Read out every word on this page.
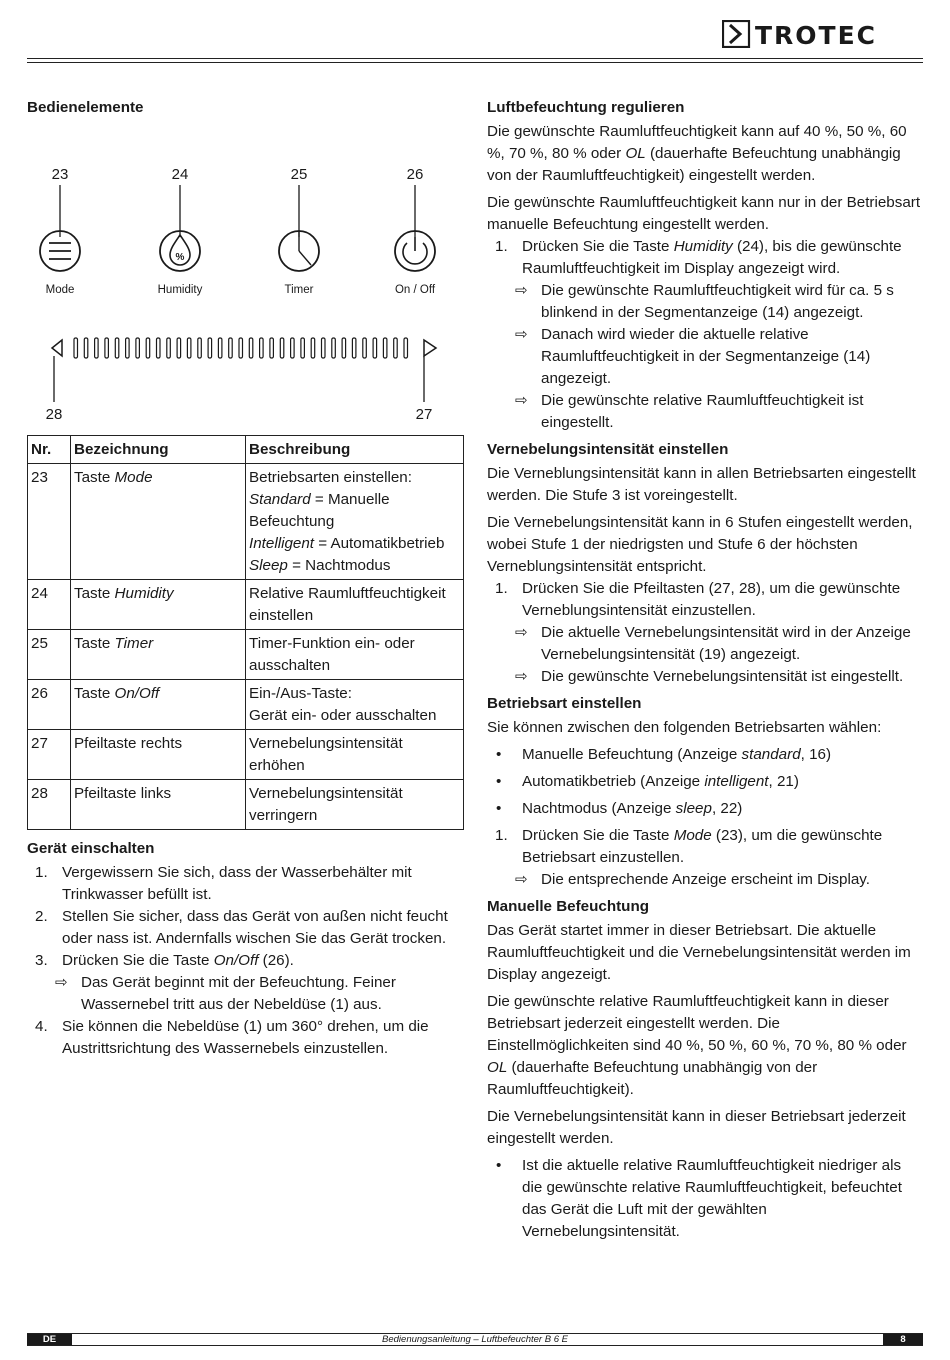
TROTEC
Bedienelemente
23	24	25	26
%
Mode	Humidity	Timer	On / Off
28	27
Nr.	Bezeichnung	Beschreibung
23	Taste Mode	Betriebsarten einstellen:
Standard = Manuelle Befeuchtung
Intelligent = Automatikbetrieb
Sleep = Nachtmodus

24	Taste Humidity	Relative Raumluftfeuchtigkeit einstellen
25	Taste Timer	Timer-Funktion ein- oder ausschalten
26	Taste On/Off	Ein-/Aus-Taste:
Gerät ein- oder ausschalten

27	Pfeiltaste rechts	Vernebelungsintensität erhöhen
28	Pfeiltaste links	Vernebelungsintensität verringern
Gerät einschalten
1. Vergewissern Sie sich, dass der Wasserbehälter mit Trinkwasser befüllt ist.
2. Stellen Sie sicher, dass das Gerät von außen nicht feucht oder nass ist. Andernfalls wischen Sie das Gerät trocken.
3. Drücken Sie die Taste On/Off (26).
⇨ Das Gerät beginnt mit der Befeuchtung. Feiner Wassernebel tritt aus der Nebeldüse (1) aus.
4. Sie können die Nebeldüse (1) um 360° drehen, um die Austrittsrichtung des Wassernebels einzustellen.
Luftbefeuchtung regulieren

Die gewünschte Raumluftfeuchtigkeit kann auf 40 %, 50 %, 60 %, 70 %, 80 % oder OL (dauerhafte Befeuchtung unabhängig von der Raumluftfeuchtigkeit) eingestellt werden.

Die gewünschte Raumluftfeuchtigkeit kann nur in der Betriebsart manuelle Befeuchtung eingestellt werden.

1. Drücken Sie die Taste Humidity (24), bis die gewünschte Raumluftfeuchtigkeit im Display angezeigt wird.
⇨ Die gewünschte Raumluftfeuchtigkeit wird für ca. 5 s blinkend in der Segmentanzeige (14) angezeigt.
⇨ Danach wird wieder die aktuelle relative Raumluftfeuchtigkeit in der Segmentanzeige (14) angezeigt.
⇨ Die gewünschte relative Raumluftfeuchtigkeit ist eingestellt.
Vernebelungsintensität einstellen

Die Verneblungsintensität kann in allen Betriebsarten eingestellt werden. Die Stufe 3 ist voreingestellt.

Die Vernebelungsintensität kann in 6 Stufen eingestellt werden, wobei Stufe 1 der niedrigsten und Stufe 6 der höchsten Verneblungsintensität entspricht.

1. Drücken Sie die Pfeiltasten (27, 28), um die gewünschte Verneblungsintensität einzustellen.
⇨ Die aktuelle Vernebelungsintensität wird in der Anzeige Vernebelungsintensität (19) angezeigt.
⇨ Die gewünschte Vernebelungsintensität ist eingestellt.
Betriebsart einstellen

Sie können zwischen den folgenden Betriebsarten wählen:

• Manuelle Befeuchtung (Anzeige standard, 16)
• Automatikbetrieb (Anzeige intelligent, 21)
• Nachtmodus (Anzeige sleep, 22)
1. Drücken Sie die Taste Mode (23), um die gewünschte Betriebsart einzustellen.
⇨ Die entsprechende Anzeige erscheint im Display.
Manuelle Befeuchtung

Das Gerät startet immer in dieser Betriebsart. Die aktuelle Raumluftfeuchtigkeit und die Vernebelungsintensität werden im Display angezeigt.

Die gewünschte relative Raumluftfeuchtigkeit kann in dieser Betriebsart jederzeit eingestellt werden. Die Einstellmöglichkeiten sind 40 %, 50 %, 60 %, 70 %, 80 % oder OL (dauerhafte Befeuchtung unabhängig von der Raumluftfeuchtigkeit).

Die Vernebelungsintensität kann in dieser Betriebsart jederzeit eingestellt werden.

• Ist die aktuelle relative Raumluftfeuchtigkeit niedriger als die gewünschte relative Raumluftfeuchtigkeit, befeuchtet das Gerät die Luft mit der gewählten Vernebelungsintensität.
Bedienungsanleitung – Luftbefeuchter B 6 E
DE	8
